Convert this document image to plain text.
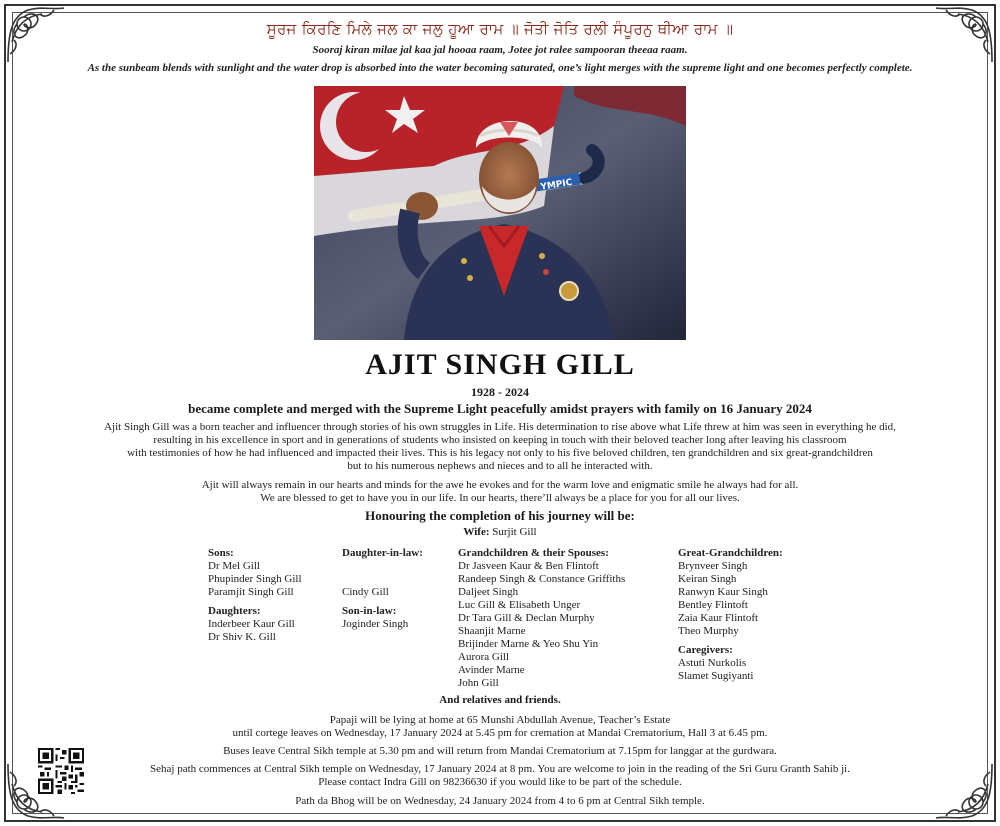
ਸੂਰਜ ਕਿਰਣਿ ਮਿਲੇ ਜਲ ਕਾ ਜਲੁ ਹੂਆ ਰਾਮ ॥ ਜੋਤੀ ਜੋਤਿ ਰਲੀ ਸੰਪੂਰਨੁ ਥੀਆ ਰਾਮ ॥
Sooraj kiran milae jal kaa jal hooaa raam, Jotee jot ralee sampooran theeaa raam.
As the sunbeam blends with sunlight and the water drop is absorbed into the water becoming saturated, one’s light merges with the supreme light and one becomes perfectly complete.
YMPIC
AJIT SINGH GILL
1928 - 2024
became complete and merged with the Supreme Light peacefully amidst prayers with family on 16 January 2024
Ajit Singh Gill was a born teacher and influencer through stories of his own struggles in Life. His determination to rise above what Life threw at him was seen in everything he did,
resulting in his excellence in sport and in generations of students who insisted on keeping in touch with their beloved teacher long after leaving his classroom
with testimonies of how he had influenced and impacted their lives. This is his legacy not only to his five beloved children, ten grandchildren and six great-grandchildren
but to his numerous nephews and nieces and to all he interacted with.
Ajit will always remain in our hearts and minds for the awe he evokes and for the warm love and enigmatic smile he always had for all.
We are blessed to get to have you in our life. In our hearts, there’ll always be a place for you for all our lives.
Honouring the completion of his journey will be:
Wife: Surjit Gill
Sons:
Dr Mel Gill
Phupinder Singh Gill
Paramjit Singh Gill
Daughters:
Inderbeer Kaur Gill
Dr Shiv K. Gill
Daughter-in-law:

Cindy Gill
Son-in-law:
Joginder Singh
Grandchildren & their Spouses:
Dr Jasveen Kaur & Ben Flintoft
Randeep Singh & Constance Griffiths
Daljeet Singh
Luc Gill & Elisabeth Unger
Dr Tara Gill & Declan Murphy
Shaanjit Marne
Brijinder Marne & Yeo Shu Yin
Aurora Gill
Avinder Marne
John Gill
Great-Grandchildren:
Brynveer Singh
Keiran Singh
Ranwyn Kaur Singh
Bentley Flintoft
Zaia Kaur Flintoft
Theo Murphy
Caregivers:
Astuti Nurkolis
Slamet Sugiyanti
And relatives and friends.
Papaji will be lying at home at 65 Munshi Abdullah Avenue, Teacher’s Estate
until cortege leaves on Wednesday, 17 January 2024 at 5.45 pm for cremation at Mandai Crematorium, Hall 3 at 6.45 pm.
Buses leave Central Sikh temple at 5.30 pm and will return from Mandai Crematorium at 7.15pm for langgar at the gurdwara.
Sehaj path commences at Central Sikh temple on Wednesday, 17 January 2024 at 8 pm. You are welcome to join in the reading of the Sri Guru Granth Sahib ji.
Please contact Indra Gill on 98236630 if you would like to be part of the schedule.
Path da Bhog will be on Wednesday, 24 January 2024 from 4 to 6 pm at Central Sikh temple.
